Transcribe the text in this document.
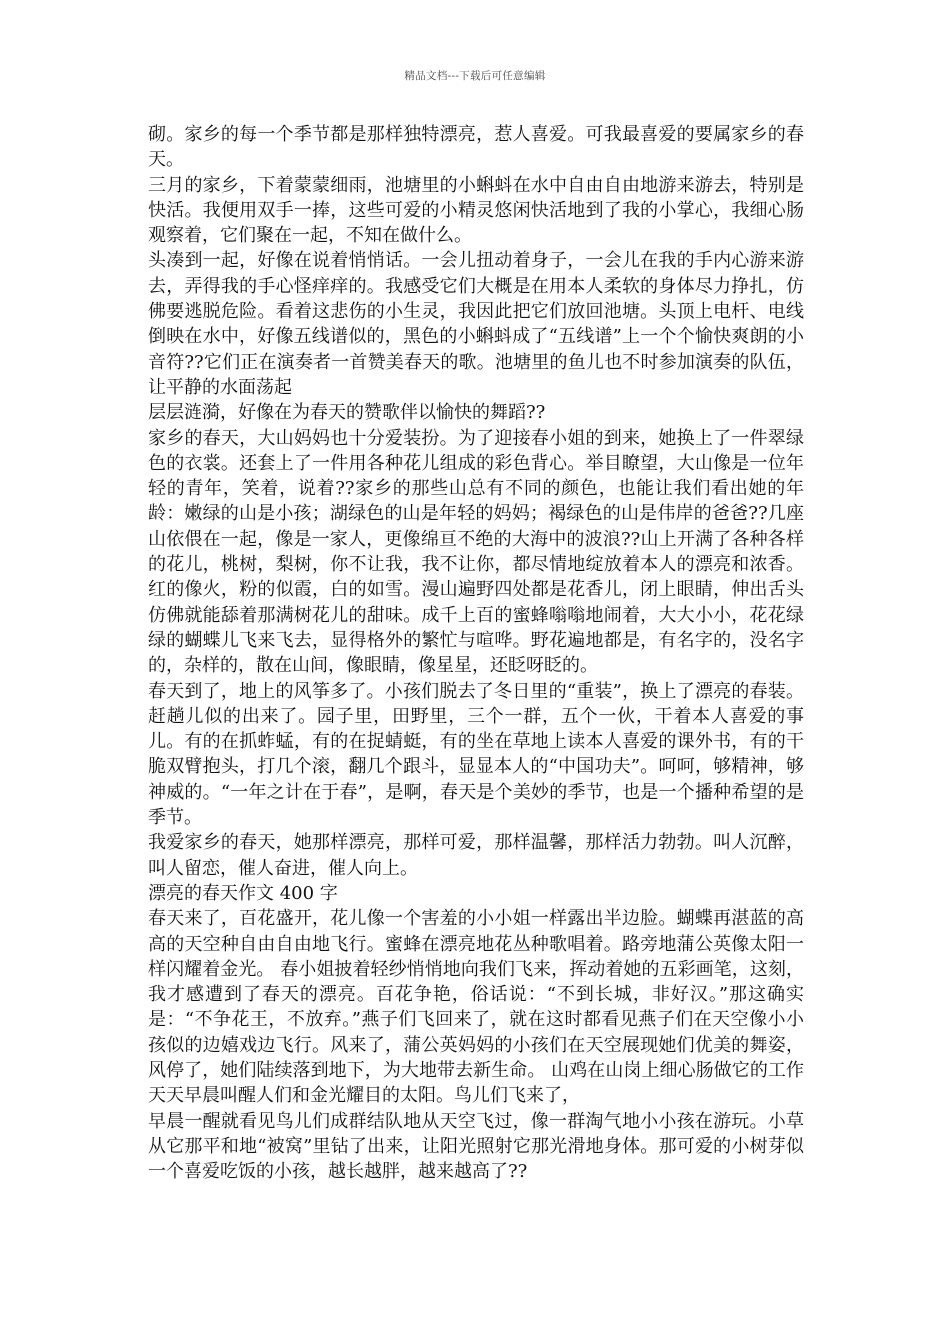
精品文档---下载后可任意编辑

砌。家乡的每一个季节都是那样独特漂亮，惹人喜爱。可我最喜爱的要属家乡的春天。

三月的家乡，下着蒙蒙细雨，池塘里的小蝌蚪在水中自由自由地游来游去，特别是快活。我便用双手一捧，这些可爱的小精灵悠闲快活地到了我的小掌心，我细心肠观察着，它们聚在一起，不知在做什么。

头凑到一起，好像在说着悄悄话。一会儿扭动着身子，一会儿在我的手内心游来游去，弄得我的手心怪痒痒的。我感受它们大概是在用本人柔软的身体尽力挣扎，仿佛要逃脱危险。看着这悲伤的小生灵，我因此把它们放回池塘。头顶上电杆、电线倒映在水中，好像五线谱似的，黑色的小蝌蚪成了“五线谱”上一个个愉快爽朗的小音符??它们正在演奏者一首赞美春天的歌。池塘里的鱼儿也不时参加演奏的队伍，让平静的水面荡起

层层涟漪，好像在为春天的赞歌伴以愉快的舞蹈??

家乡的春天，大山妈妈也十分爱装扮。为了迎接春小姐的到来，她换上了一件翠绿色的衣裳。还套上了一件用各种花儿组成的彩色背心。举目瞭望，大山像是一位年轻的青年，笑着，说着??家乡的那些山总有不同的颜色，也能让我们看出她的年龄：嫩绿的山是小孩；湖绿色的山是年轻的妈妈；褐绿色的山是伟岸的爸爸??几座山依偎在一起，像是一家人，更像绵亘不绝的大海中的波浪??山上开满了各种各样的花儿，桃树，梨树，你不让我，我不让你，都尽情地绽放着本人的漂亮和浓香。红的像火，粉的似霞，白的如雪。漫山遍野四处都是花香儿，闭上眼睛，伸出舌头仿佛就能舔着那满树花儿的甜味。成千上百的蜜蜂嗡嗡地闹着，大大小小，花花绿绿的蝴蝶儿飞来飞去，显得格外的繁忙与喧哗。野花遍地都是，有名字的，没名字的，杂样的，散在山间，像眼睛，像星星，还眨呀眨的。

春天到了，地上的风筝多了。小孩们脱去了冬日里的“重装”，换上了漂亮的春装。赶趟儿似的出来了。园子里，田野里，三个一群，五个一伙，干着本人喜爱的事儿。有的在抓蚱蜢，有的在捉蜻蜓，有的坐在草地上读本人喜爱的课外书，有的干脆双臂抱头，打几个滚，翻几个跟斗，显显本人的“中国功夫”。呵呵，够精神，够神威的。“一年之计在于春”，是啊，春天是个美妙的季节，也是一个播种希望的是季节。

我爱家乡的春天，她那样漂亮，那样可爱，那样温馨，那样活力勃勃。叫人沉醉，叫人留恋，催人奋进，催人向上。

漂亮的春天作文 400 字

春天来了，百花盛开，花儿像一个害羞的小小姐一样露出半边脸。蝴蝶再湛蓝的高高的天空种自由自由地飞行。蜜蜂在漂亮地花丛种歌唱着。路旁地蒲公英像太阳一样闪耀着金光。 春小姐披着轻纱悄悄地向我们飞来，挥动着她的五彩画笔，这刻，我才感遭到了春天的漂亮。百花争艳，俗话说：“不到长城，非好汉。”那这确实是：“不争花王，不放弃。”燕子们飞回来了，就在这时都看见燕子们在天空像小小孩似的边嬉戏边飞行。风来了，蒲公英妈妈的小孩们在天空展现她们优美的舞姿，风停了，她们陆续落到地下，为大地带去新生命。 山鸡在山岗上细心肠做它的工作 天天早晨叫醒人们和金光耀目的太阳。鸟儿们飞来了，

早晨一醒就看见鸟儿们成群结队地从天空飞过，像一群淘气地小小孩在游玩。小草从它那平和地“被窝”里钻了出来，让阳光照射它那光滑地身体。那可爱的小树芽似一个喜爱吃饭的小孩，越长越胖，越来越高了??
